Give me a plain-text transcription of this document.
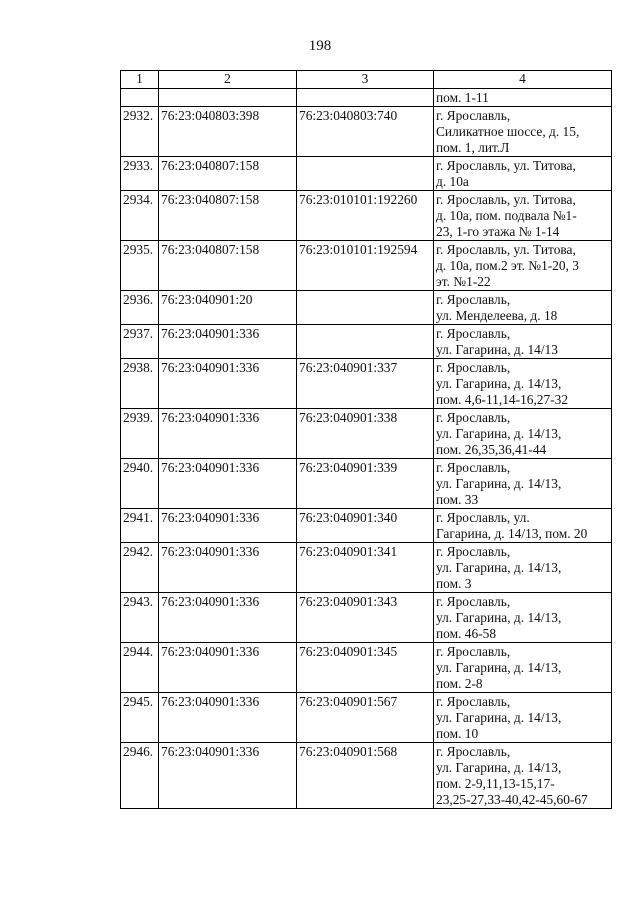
198
1	2	3	4

			пом. 1-11

2932.	76:23:040803:398	76:23:040803:740	г. Ярославль,
Силикатное шоссе, д. 15,
пом. 1, лит.Л

2933.	76:23:040807:158		г. Ярославль, ул. Титова,
д. 10а

2934.	76:23:040807:158	76:23:010101:192260	г. Ярославль, ул. Титова,
д. 10а, пом. подвала №1-
23, 1-го этажа № 1-14

2935.	76:23:040807:158	76:23:010101:192594	г. Ярославль, ул. Титова,
д. 10а, пом.2 эт. №1-20, 3
эт. №1-22

2936.	76:23:040901:20		г. Ярославль,
ул. Менделеева, д. 18

2937.	76:23:040901:336		г. Ярославль,
ул. Гагарина, д. 14/13

2938.	76:23:040901:336	76:23:040901:337	г. Ярославль,
ул. Гагарина, д. 14/13,
пом. 4,6-11,14-16,27-32

2939.	76:23:040901:336	76:23:040901:338	г. Ярославль,
ул. Гагарина, д. 14/13,
пом. 26,35,36,41-44

2940.	76:23:040901:336	76:23:040901:339	г. Ярославль,
ул. Гагарина, д. 14/13,
пом. 33

2941.	76:23:040901:336	76:23:040901:340	г. Ярославль, ул.
Гагарина, д. 14/13, пом. 20

2942.	76:23:040901:336	76:23:040901:341	г. Ярославль,
ул. Гагарина, д. 14/13,
пом. 3

2943.	76:23:040901:336	76:23:040901:343	г. Ярославль,
ул. Гагарина, д. 14/13,
пом. 46-58

2944.	76:23:040901:336	76:23:040901:345	г. Ярославль,
ул. Гагарина, д. 14/13,
пом. 2-8

2945.	76:23:040901:336	76:23:040901:567	г. Ярославль,
ул. Гагарина, д. 14/13,
пом. 10

2946.	76:23:040901:336	76:23:040901:568	г. Ярославль,
ул. Гагарина, д. 14/13,
пом. 2-9,11,13-15,17-
23,25-27,33-40,42-45,60-67
